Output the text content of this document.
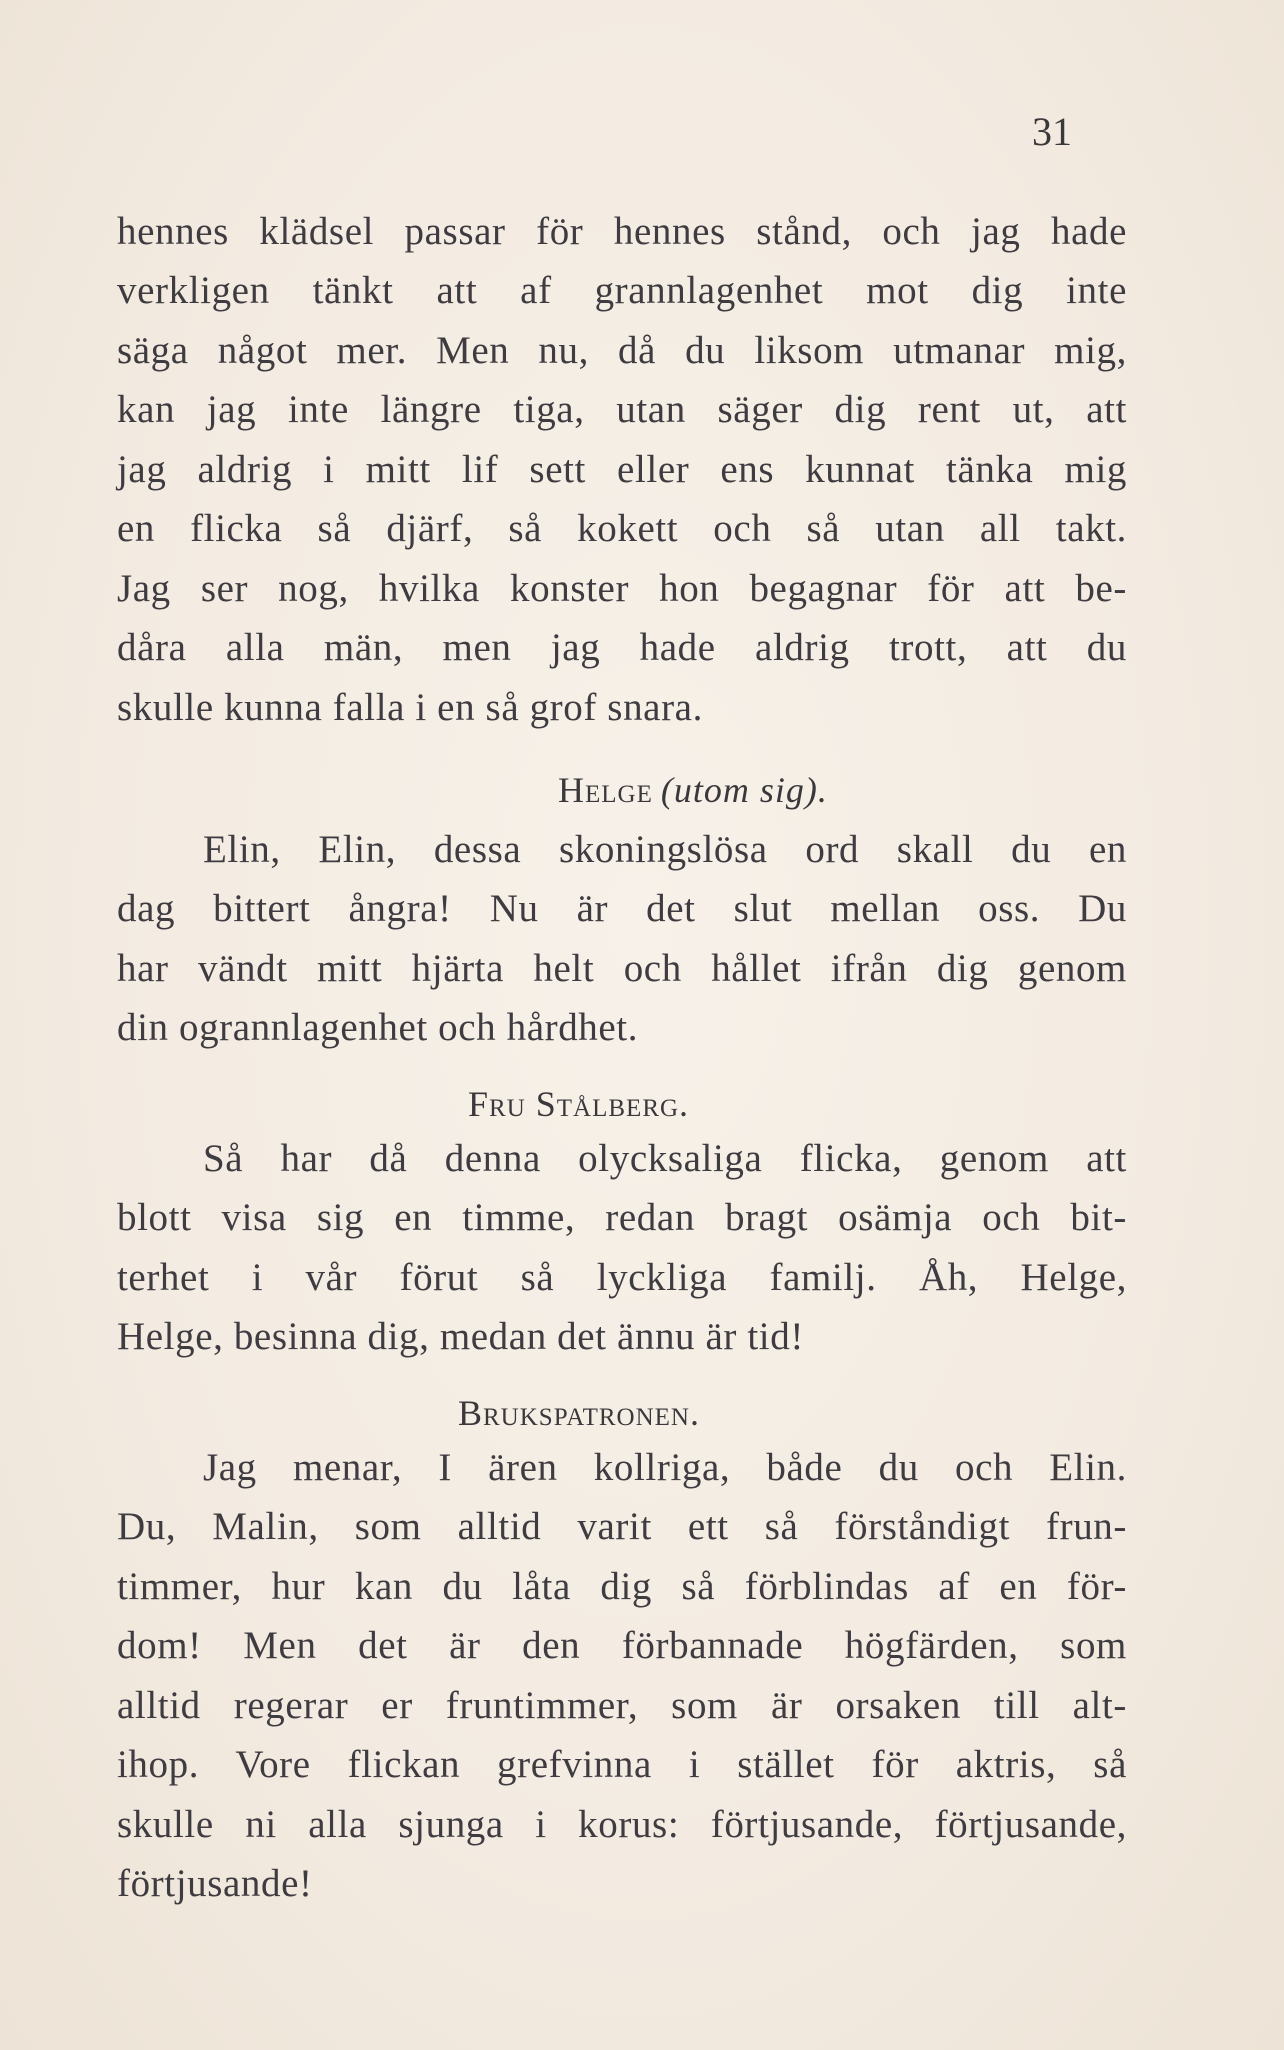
31
hennes klädsel passar för hennes stånd, och jag hade
verkligen tänkt att af grannlagenhet mot dig inte
säga något mer. Men nu, då du liksom utmanar mig,
kan jag inte längre tiga, utan säger dig rent ut, att
jag aldrig i mitt lif sett eller ens kunnat tänka mig
en flicka så djärf, så kokett och så utan all takt.
Jag ser nog, hvilka konster hon begagnar för att be-
dåra alla män, men jag hade aldrig trott, att du
skulle kunna falla i en så grof snara.
Helge (utom sig).
Elin, Elin, dessa skoningslösa ord skall du en
dag bittert ångra! Nu är det slut mellan oss. Du
har vändt mitt hjärta helt och hållet ifrån dig genom
din ogrannlagenhet och hårdhet.
Fru Stålberg.
Så har då denna olycksaliga flicka, genom att
blott visa sig en timme, redan bragt osämja och bit-
terhet i vår förut så lyckliga familj. Åh, Helge,
Helge, besinna dig, medan det ännu är tid!
Brukspatronen.
Jag menar, I ären kollriga, både du och Elin.
Du, Malin, som alltid varit ett så förståndigt frun-
timmer, hur kan du låta dig så förblindas af en för-
dom! Men det är den förbannade högfärden, som
alltid regerar er fruntimmer, som är orsaken till alt-
ihop. Vore flickan grefvinna i stället för aktris, så
skulle ni alla sjunga i korus: förtjusande, förtjusande,
förtjusande!
